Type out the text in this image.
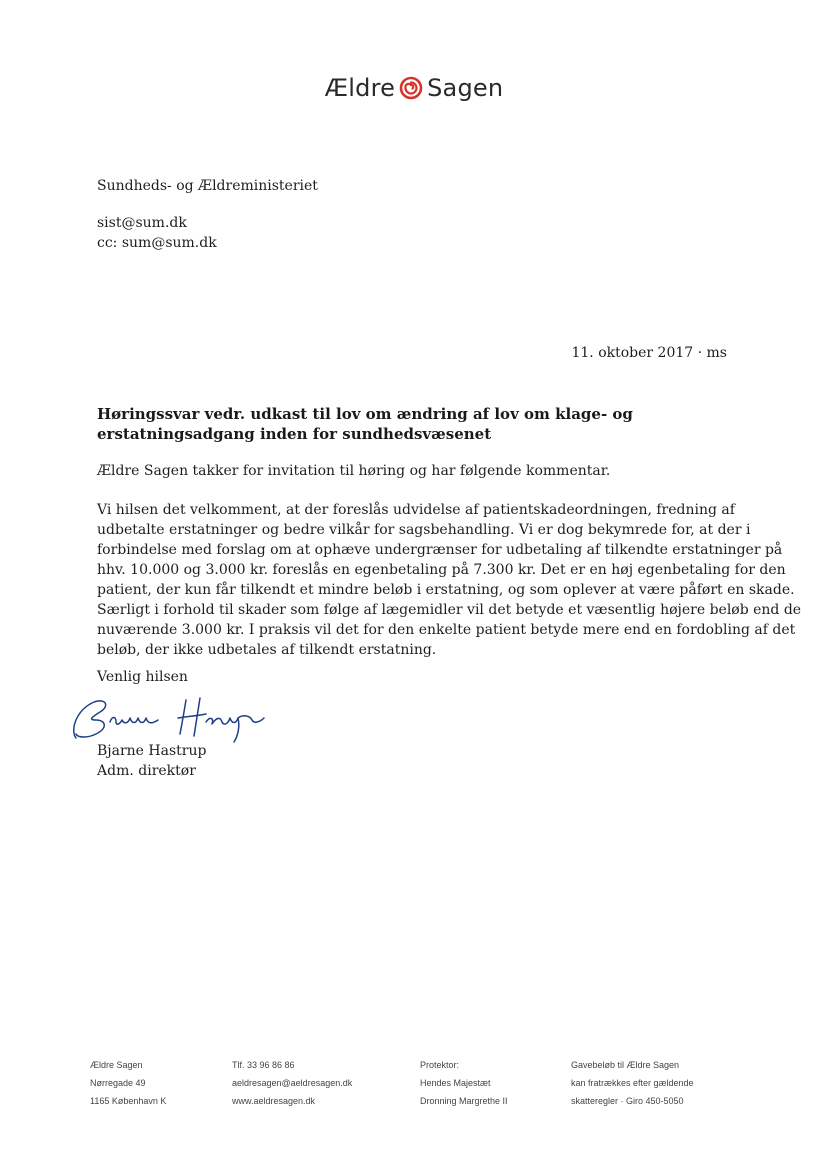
Ældre Sagen
Sundheds- og Ældreministeriet
sist@sum.dk
cc: sum@sum.dk
11. oktober 2017 · ms
Høringssvar vedr. udkast til lov om ændring af lov om klage- og erstatningsadgang inden for sundhedsvæsenet
Ældre Sagen takker for invitation til høring og har følgende kommentar.
Vi hilsen det velkomment, at der foreslås udvidelse af patientskadeordningen, fredning af
udbetalte erstatninger og bedre vilkår for sagsbehandling. Vi er dog bekymrede for, at der i
forbindelse med forslag om at ophæve undergrænser for udbetaling af tilkendte erstatninger på
hhv. 10.000 og 3.000 kr. foreslås en egenbetaling på 7.300 kr. Det er en høj egenbetaling for den
patient, der kun får tilkendt et mindre beløb i erstatning, og som oplever at være påført en skade.
Særligt i forhold til skader som følge af lægemidler vil det betyde et væsentlig højere beløb end de
nuværende 3.000 kr. I praksis vil det for den enkelte patient betyde mere end en fordobling af det
beløb, der ikke udbetales af tilkendt erstatning.
Venlig hilsen
Bjarne Hastrup
Adm. direktør
Ældre Sagen
Nørregade 49
1165 København K
Tlf. 33 96 86 86
aeldresagen@aeldresagen.dk
www.aeldresagen.dk
Protektor:
Hendes Majestæt
Dronning Margrethe II
Gavebeløb til Ældre Sagen
kan fratrækkes efter gældende
skatteregler · Giro 450-5050
